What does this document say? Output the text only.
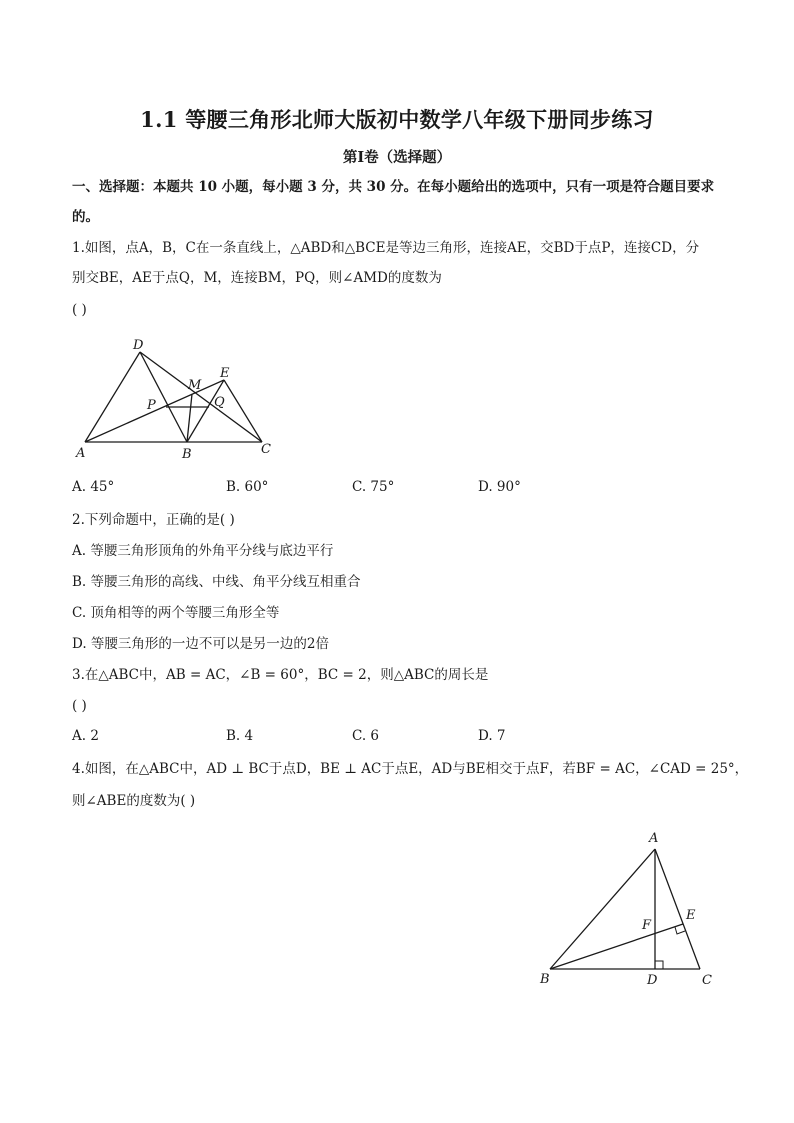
1.1 等腰三角形北师大版初中数学八年级下册同步练习
第Ⅰ卷（选择题）
一、选择题：本题共 10 小题，每小题 3 分，共 30 分。在每小题给出的选项中，只有一项是符合题目要求
的。
1.如图，点A，B，C在一条直线上，△ABD和△BCE是等边三角形，连接AE，交BD于点P，连接CD，分
别交BE，AE于点Q，M，连接BM，PQ，则∠AMD的度数为
( )
D
E
M
P	Q
A	B	C
A. 45°	B. 60°	C. 75°	D. 90°
2.下列命题中，正确的是( )
A. 等腰三角形顶角的外角平分线与底边平行
B. 等腰三角形的高线、中线、角平分线互相重合
C. 顶角相等的两个等腰三角形全等
D. 等腰三角形的一边不可以是另一边的2倍
3.在△ABC中，AB = AC，∠B = 60°，BC = 2，则△ABC的周长是
( )
A. 2	B. 4	C. 6	D. 7
4.如图，在△ABC中，AD ⊥ BC于点D，BE ⊥ AC于点E，AD与BE相交于点F，若BF = AC，∠CAD = 25°，
则∠ABE的度数为( )
A
B	D	C
F
E
